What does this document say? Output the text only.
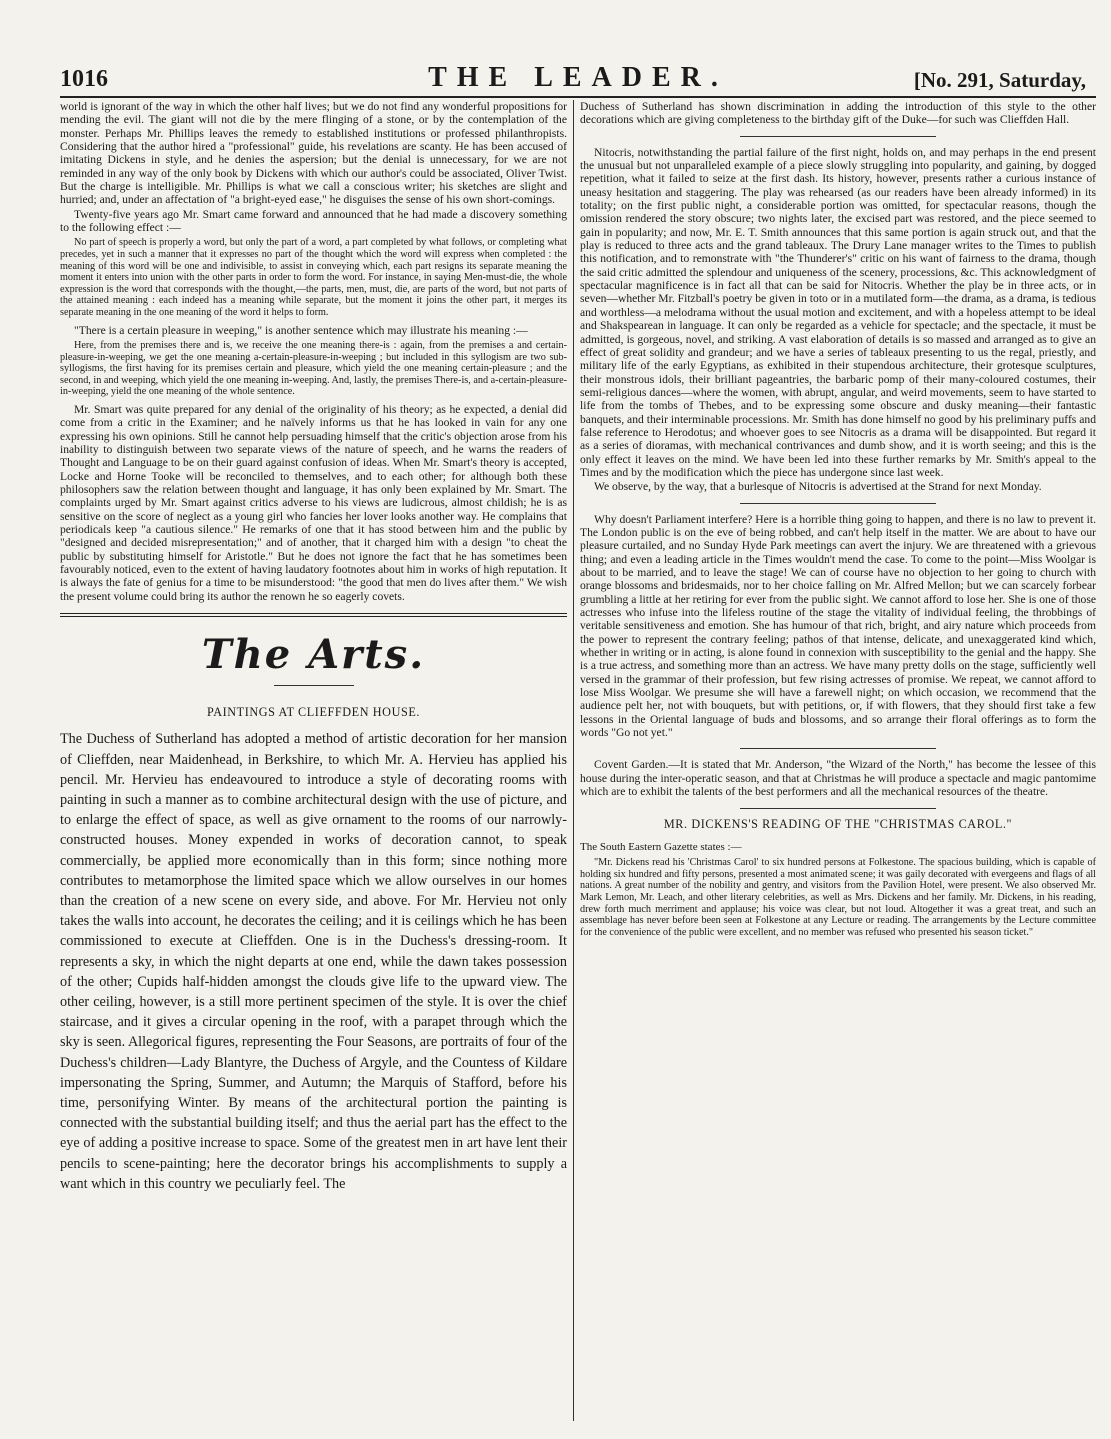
1016	THE LEADER.	[No. 291, Saturday,

world is ignorant of the way in which the other half lives; but we do not find any wonderful propositions for mending the evil. The giant will not die by the mere flinging of a stone, or by the contemplation of the monster. Perhaps Mr. Phillips leaves the remedy to established institutions or professed philanthropists. Considering that the author hired a "professional" guide, his revelations are scanty. He has been accused of imitating Dickens in style, and he denies the aspersion; but the denial is unnecessary, for we are not reminded in any way of the only book by Dickens with which our author's could be associated, Oliver Twist. But the charge is intelligible. Mr. Phillips is what we call a conscious writer; his sketches are slight and hurried; and, under an affectation of "a bright-eyed ease," he disguises the sense of his own short-comings.

Twenty-five years ago Mr. Smart came forward and announced that he had made a discovery something to the following effect :—

No part of speech is properly a word, but only the part of a word, a part completed by what follows, or completing what precedes, yet in such a manner that it expresses no part of the thought which the word will express when completed : the meaning of this word will be one and indivisible, to assist in conveying which, each part resigns its separate meaning the moment it enters into union with the other parts in order to form the word. For instance, in saying Men-must-die, the whole expression is the word that corresponds with the thought,—the parts, men, must, die, are parts of the word, but not parts of the attained meaning : each indeed has a meaning while separate, but the moment it joins the other part, it merges its separate meaning in the one meaning of the word it helps to form.

"There is a certain pleasure in weeping," is another sentence which may illustrate his meaning :—

Here, from the premises there and is, we receive the one meaning there-is : again, from the premises a and certain-pleasure-in-weeping, we get the one meaning a-certain-pleasure-in-weeping ; but included in this syllogism are two sub-syllogisms, the first having for its premises certain and pleasure, which yield the one meaning certain-pleasure ; and the second, in and weeping, which yield the one meaning in-weeping. And, lastly, the premises There-is, and a-certain-pleasure-in-weeping, yield the one meaning of the whole sentence.

Mr. Smart was quite prepared for any denial of the originality of his theory; as he expected, a denial did come from a critic in the Examiner; and he naïvely informs us that he has looked in vain for any one expressing his own opinions. Still he cannot help persuading himself that the critic's objection arose from his inability to distinguish between two separate views of the nature of speech, and he warns the readers of Thought and Language to be on their guard against confusion of ideas. When Mr. Smart's theory is accepted, Locke and Horne Tooke will be reconciled to themselves, and to each other; for although both these philosophers saw the relation between thought and language, it has only been explained by Mr. Smart. The complaints urged by Mr. Smart against critics adverse to his views are ludicrous, almost childish; he is as sensitive on the score of neglect as a young girl who fancies her lover looks another way. He complains that periodicals keep "a cautious silence." He remarks of one that it has stood between him and the public by "designed and decided misrepresentation;" and of another, that it charged him with a design "to cheat the public by substituting himself for Aristotle." But he does not ignore the fact that he has sometimes been favourably noticed, even to the extent of having laudatory footnotes about him in works of high reputation. It is always the fate of genius for a time to be misunderstood: "the good that men do lives after them." We wish the present volume could bring its author the renown he so eagerly covets.

The Arts.
PAINTINGS AT CLIEFFDEN HOUSE.

The Duchess of Sutherland has adopted a method of artistic decoration for her mansion of Clieffden, near Maidenhead, in Berkshire, to which Mr. A. Hervieu has applied his pencil. Mr. Hervieu has endeavoured to introduce a style of decorating rooms with painting in such a manner as to combine architectural design with the use of picture, and to enlarge the effect of space, as well as give ornament to the rooms of our narrowly-constructed houses. Money expended in works of decoration cannot, to speak commercially, be applied more economically than in this form; since nothing more contributes to metamorphose the limited space which we allow ourselves in our homes than the creation of a new scene on every side, and above. For Mr. Hervieu not only takes the walls into account, he decorates the ceiling; and it is ceilings which he has been commissioned to execute at Clieffden. One is in the Duchess's dressing-room. It represents a sky, in which the night departs at one end, while the dawn takes possession of the other; Cupids half-hidden amongst the clouds give life to the upward view. The other ceiling, however, is a still more pertinent specimen of the style. It is over the chief staircase, and it gives a circular opening in the roof, with a parapet through which the sky is seen. Allegorical figures, representing the Four Seasons, are portraits of four of the Duchess's children—Lady Blantyre, the Duchess of Argyle, and the Countess of Kildare impersonating the Spring, Summer, and Autumn; the Marquis of Stafford, before his time, personifying Winter. By means of the architectural portion the painting is connected with the substantial building itself; and thus the aerial part has the effect to the eye of adding a positive increase to space. Some of the greatest men in art have lent their pencils to scene-painting; here the decorator brings his accomplishments to supply a want which in this country we peculiarly feel. The

Duchess of Sutherland has shown discrimination in adding the introduction of this style to the other decorations which are giving completeness to the birthday gift of the Duke—for such was Clieffden Hall.

Nitocris, notwithstanding the partial failure of the first night, holds on, and may perhaps in the end present the unusual but not unparalleled example of a piece slowly struggling into popularity, and gaining, by dogged repetition, what it failed to seize at the first dash. Its history, however, presents rather a curious instance of uneasy hesitation and staggering. The play was rehearsed (as our readers have been already informed) in its totality; on the first public night, a considerable portion was omitted, for spectacular reasons, though the omission rendered the story obscure; two nights later, the excised part was restored, and the piece seemed to gain in popularity; and now, Mr. E. T. Smith announces that this same portion is again struck out, and that the play is reduced to three acts and the grand tableaux. The Drury Lane manager writes to the Times to publish this notification, and to remonstrate with "the Thunderer's" critic on his want of fairness to the drama, though the said critic admitted the splendour and uniqueness of the scenery, processions, &c. This acknowledgment of spectacular magnificence is in fact all that can be said for Nitocris. Whether the play be in three acts, or in seven—whether Mr. Fitzball's poetry be given in toto or in a mutilated form—the drama, as a drama, is tedious and worthless—a melodrama without the usual motion and excitement, and with a hopeless attempt to be ideal and Shakspearean in language. It can only be regarded as a vehicle for spectacle; and the spectacle, it must be admitted, is gorgeous, novel, and striking. A vast elaboration of details is so massed and arranged as to give an effect of great solidity and grandeur; and we have a series of tableaux presenting to us the regal, priestly, and military life of the early Egyptians, as exhibited in their stupendous architecture, their grotesque sculptures, their monstrous idols, their brilliant pageantries, the barbaric pomp of their many-coloured costumes, their semi-religious dances—where the women, with abrupt, angular, and weird movements, seem to have started to life from the tombs of Thebes, and to be expressing some obscure and dusky meaning—their fantastic banquets, and their interminable processions. Mr. Smith has done himself no good by his preliminary puffs and false reference to Herodotus; and whoever goes to see Nitocris as a drama will be disappointed. But regard it as a series of dioramas, with mechanical contrivances and dumb show, and it is worth seeing; and this is the only effect it leaves on the mind. We have been led into these further remarks by Mr. Smith's appeal to the Times and by the modification which the piece has undergone since last week.

We observe, by the way, that a burlesque of Nitocris is advertised at the Strand for next Monday.

Why doesn't Parliament interfere? Here is a horrible thing going to happen, and there is no law to prevent it. The London public is on the eve of being robbed, and can't help itself in the matter. We are about to have our pleasure curtailed, and no Sunday Hyde Park meetings can avert the injury. We are threatened with a grievous thing; and even a leading article in the Times wouldn't mend the case. To come to the point—Miss Woolgar is about to be married, and to leave the stage! We can of course have no objection to her going to church with orange blossoms and bridesmaids, nor to her choice falling on Mr. Alfred Mellon; but we can scarcely forbear grumbling a little at her retiring for ever from the public sight. We cannot afford to lose her. She is one of those actresses who infuse into the lifeless routine of the stage the vitality of individual feeling, the throbbings of veritable sensitiveness and emotion. She has humour of that rich, bright, and airy nature which proceeds from the power to represent the contrary feeling; pathos of that intense, delicate, and unexaggerated kind which, whether in writing or in acting, is alone found in connexion with susceptibility to the genial and the happy. She is a true actress, and something more than an actress. We have many pretty dolls on the stage, sufficiently well versed in the grammar of their profession, but few rising actresses of promise. We repeat, we cannot afford to lose Miss Woolgar. We presume she will have a farewell night; on which occasion, we recommend that the audience pelt her, not with bouquets, but with petitions, or, if with flowers, that they should first take a few lessons in the Oriental language of buds and blossoms, and so arrange their floral offerings as to form the words "Go not yet."

Covent Garden.—It is stated that Mr. Anderson, "the Wizard of the North," has become the lessee of this house during the inter-operatic season, and that at Christmas he will produce a spectacle and magic pantomime which are to exhibit the talents of the best performers and all the mechanical resources of the theatre.

MR. DICKENS'S READING OF THE "CHRISTMAS CAROL."

The South Eastern Gazette states :—

"Mr. Dickens read his 'Christmas Carol' to six hundred persons at Folkestone. The spacious building, which is capable of holding six hundred and fifty persons, presented a most animated scene; it was gaily decorated with evergeens and flags of all nations. A great number of the nobility and gentry, and visitors from the Pavilion Hotel, were present. We also observed Mr. Mark Lemon, Mr. Leach, and other literary celebrities, as well as Mrs. Dickens and her family. Mr. Dickens, in his reading, drew forth much merriment and applause; his voice was clear, but not loud. Altogether it was a great treat, and such an assemblage has never before been seen at Folkestone at any Lecture or reading. The arrangements by the Lecture committee for the convenience of the public were excellent, and no member was refused who presented his season ticket."
